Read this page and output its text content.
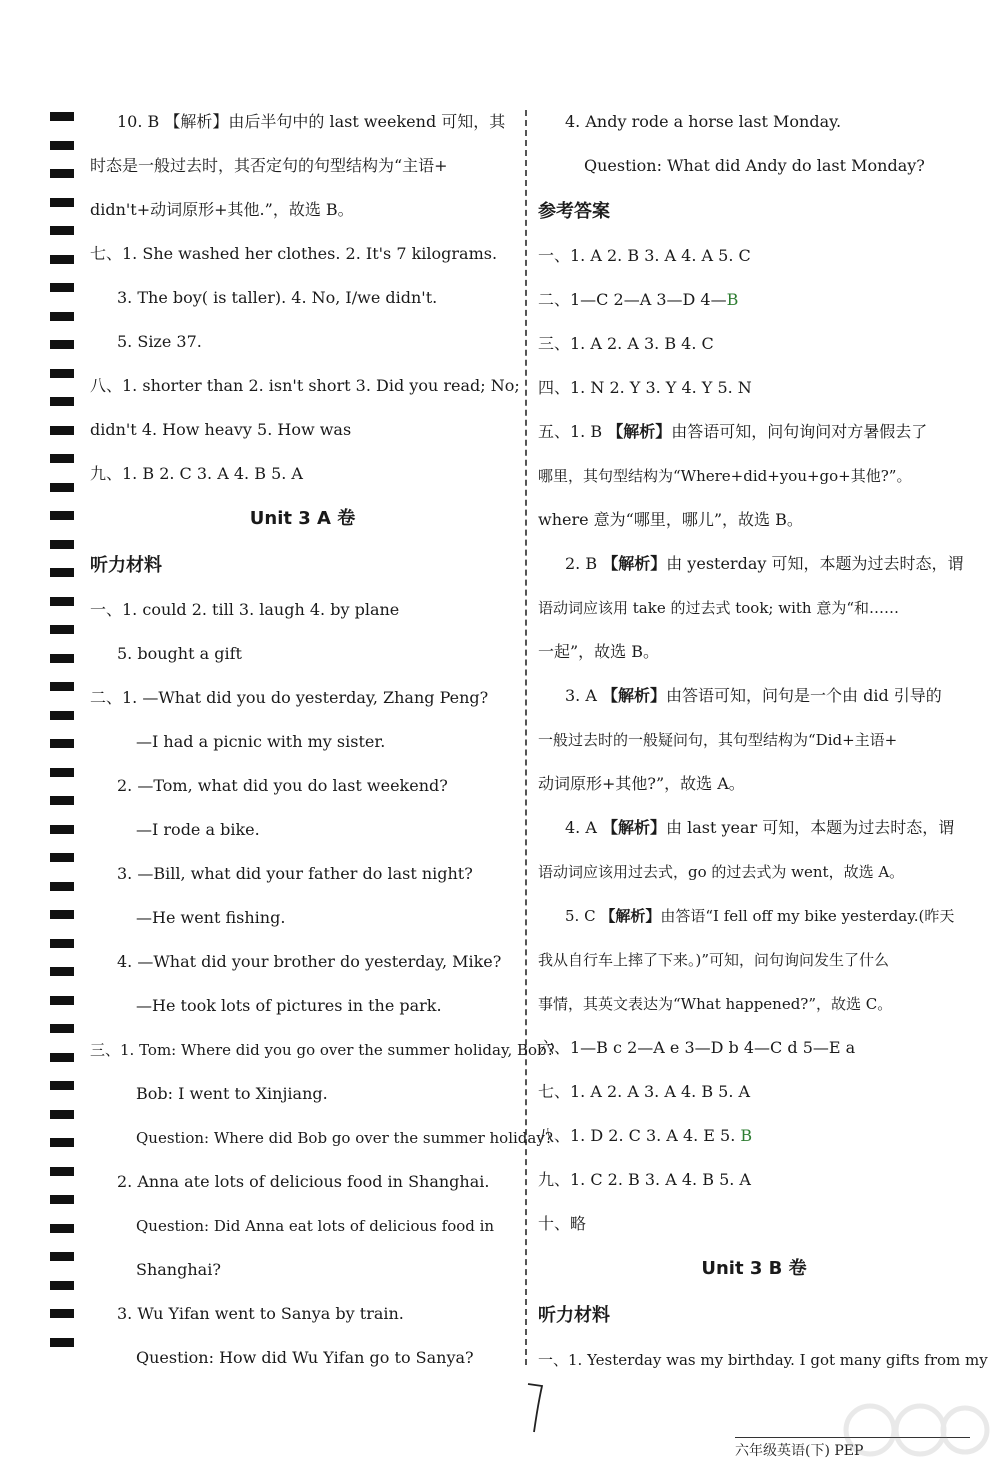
10. B 【解析】由后半句中的 last weekend 可知，其
时态是一般过去时，其否定句的句型结构为“主语+
didn't+动词原形+其他.”，故选 B。
七、1. She washed her clothes. 2. It's 7 kilograms.
3. The boy( is taller). 4. No, I/we didn't.
5. Size 37.
八、1. shorter than 2. isn't short 3. Did you read; No;
didn't 4. How heavy 5. How was
九、1. B 2. C 3. A 4. B 5. A
Unit 3 A 卷
听力材料
一、1. could 2. till 3. laugh 4. by plane
5. bought a gift
二、1. —What did you do yesterday, Zhang Peng?
—I had a picnic with my sister.
2. —Tom, what did you do last weekend?
—I rode a bike.
3. —Bill, what did your father do last night?
—He went fishing.
4. —What did your brother do yesterday, Mike?
—He took lots of pictures in the park.
三、1. Tom: Where did you go over the summer holiday, Bob?
Bob: I went to Xinjiang.
Question: Where did Bob go over the summer holiday?
2. Anna ate lots of delicious food in Shanghai.
Question: Did Anna eat lots of delicious food in
Shanghai?
3. Wu Yifan went to Sanya by train.
Question: How did Wu Yifan go to Sanya?
4. Andy rode a horse last Monday.
Question: What did Andy do last Monday?
参考答案
一、1. A 2. B 3. A 4. A 5. C
二、1—C 2—A 3—D 4—B
三、1. A 2. A 3. B 4. C
四、1. N 2. Y 3. Y 4. Y 5. N
五、1. B 【解析】由答语可知，问句询问对方暑假去了
哪里，其句型结构为“Where+did+you+go+其他?”。
where 意为“哪里，哪儿”，故选 B。
2. B 【解析】由 yesterday 可知，本题为过去时态，谓
语动词应该用 take 的过去式 took; with 意为“和……
一起”，故选 B。
3. A 【解析】由答语可知，问句是一个由 did 引导的
一般过去时的一般疑问句，其句型结构为“Did+主语+
动词原形+其他?”，故选 A。
4. A 【解析】由 last year 可知，本题为过去时态，谓
语动词应该用过去式，go 的过去式为 went，故选 A。
5. C 【解析】由答语“I fell off my bike yesterday.(昨天
我从自行车上摔了下来。)”可知，问句询问发生了什么
事情，其英文表达为“What happened?”，故选 C。
六、1—B c 2—A e 3—D b 4—C d 5—E a
七、1. A 2. A 3. A 4. B 5. A
八、1. D 2. C 3. A 4. E 5. B
九、1. C 2. B 3. A 4. B 5. A
十、略
Unit 3 B 卷
听力材料
一、1. Yesterday was my birthday. I got many gifts from my
六年级英语(下) PEP
